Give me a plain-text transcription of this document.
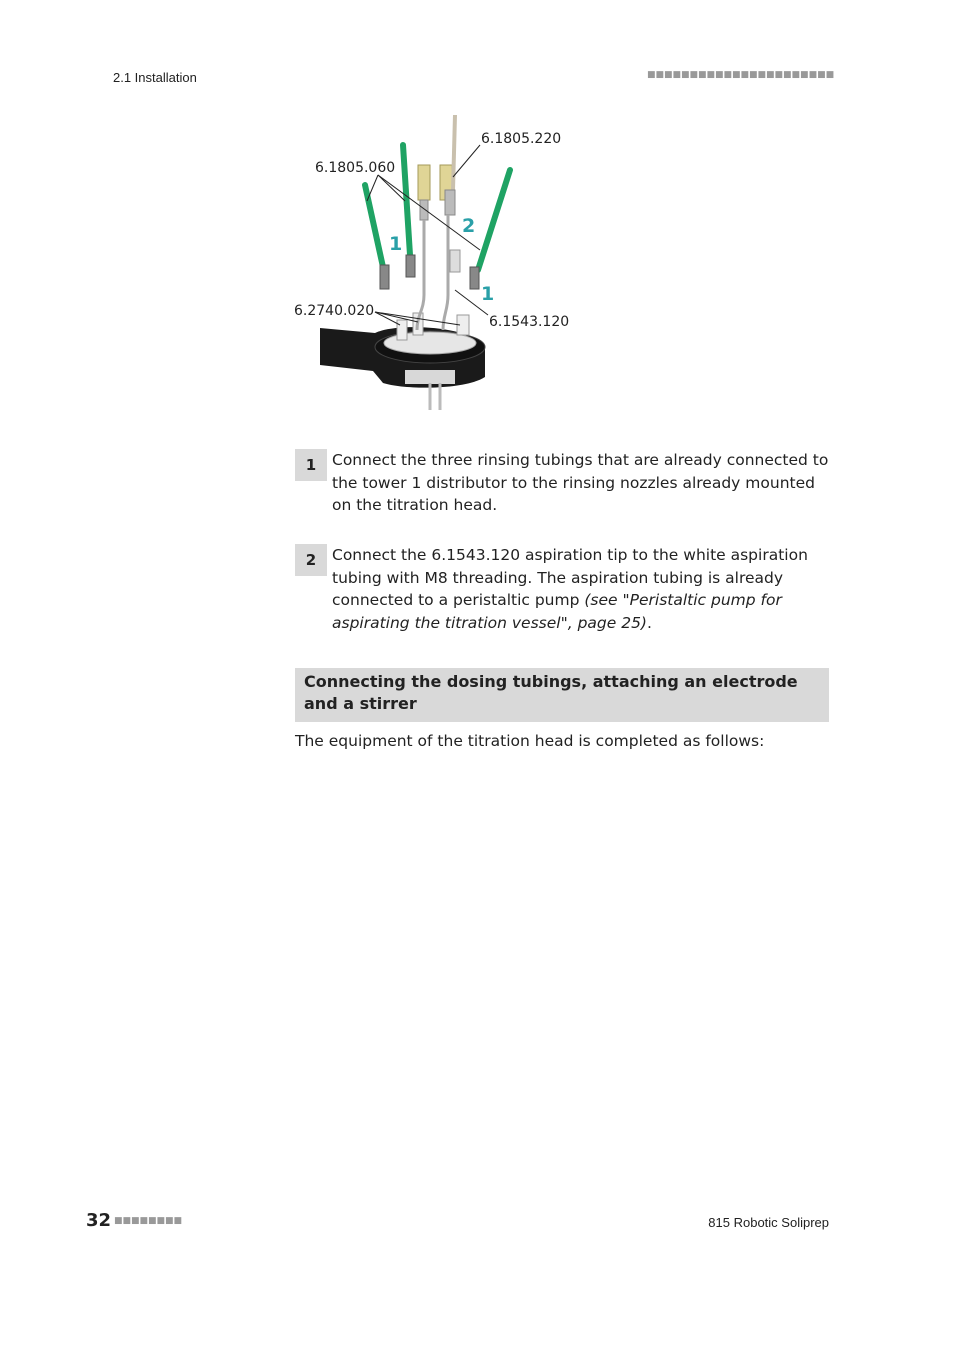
2.1 Installation	■■■■■■■■■■■■■■■■■■■■■■
6.1805.060
6.1805.220
6.2740.020
6.1543.120
1
2
1
1	Connect the three rinsing tubings that are already connected to the tower 1 distributor to the rinsing nozzles already mounted on the titration head.
2	Connect the 6.1543.120 aspiration tip to the white aspiration tubing with M8 threading. The aspiration tubing is already connected to a peristaltic pump (see "Peristaltic pump for aspirating the titration vessel", page 25).
Connecting the dosing tubings, attaching an electrode and a stirrer
The equipment of the titration head is completed as follows:
32 ■■■■■■■■	815 Robotic Soliprep
